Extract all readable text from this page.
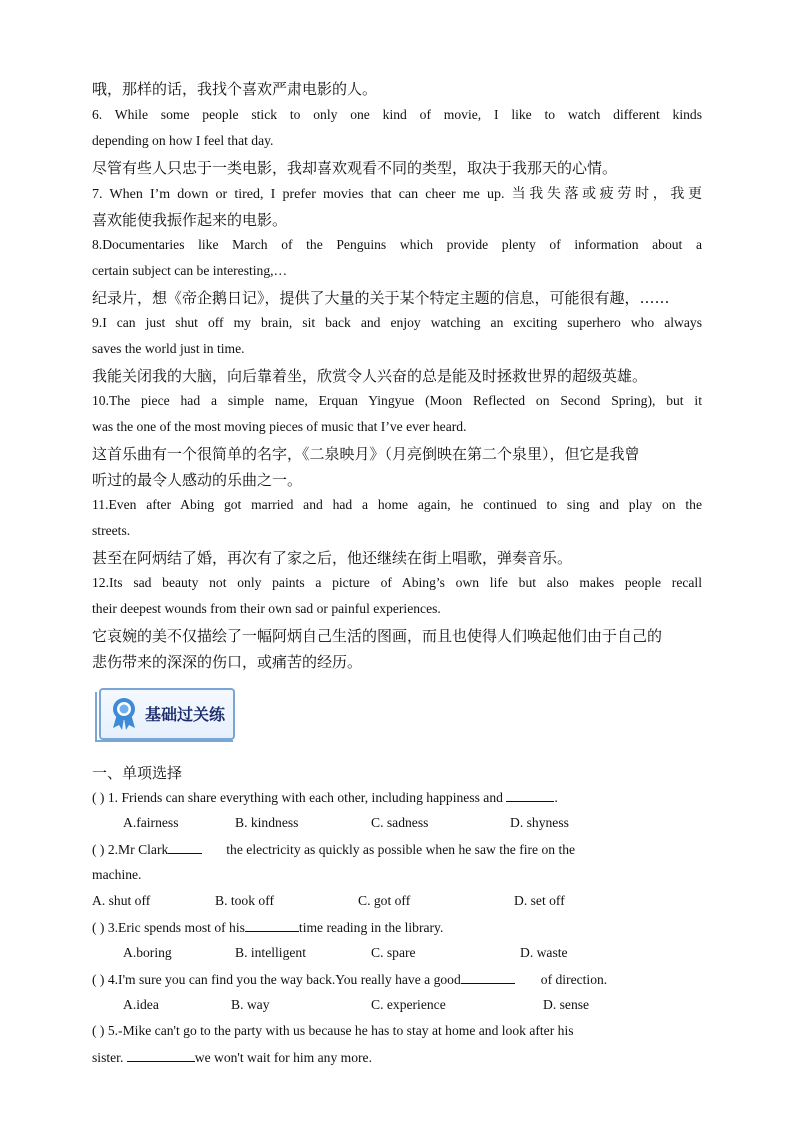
哦，那样的话，我找个喜欢严肃电影的人。
6. While some people stick to only one kind of movie, I like to watch different kinds
depending on how I feel that day.
尽管有些人只忠于一类电影，我却喜欢观看不同的类型，取决于我那天的心情。
7. When I’m down or tired, I prefer movies that can cheer me up. 当我失落或疲劳时，我更
喜欢能使我振作起来的电影。
8.Documentaries like March of the Penguins which provide plenty of information about a
certain subject can be interesting,…
纪录片，想《帝企鹅日记》，提供了大量的关于某个特定主题的信息，可能很有趣，……
9.I can just shut off my brain, sit back and enjoy watching an exciting superhero who always
saves the world just in time.
我能关闭我的大脑，向后靠着坐，欣赏令人兴奋的总是能及时拯救世界的超级英雄。
10.The piece had a simple name, Erquan Yingyue (Moon Reflected on Second Spring), but it
was the one of the most moving pieces of music that I’ve ever heard.
这首乐曲有一个很简单的名字，《二泉映月》（月亮倒映在第二个泉里），但它是我曾
听过的最令人感动的乐曲之一。
11.Even after Abing got married and had a home again, he continued to sing and play on the
streets.
甚至在阿炳结了婚，再次有了家之后，他还继续在街上唱歌，弹奏音乐。
12.Its sad beauty not only paints a picture of Abing’s own life but also makes people recall
their deepest wounds from their own sad or painful experiences.
它哀婉的美不仅描绘了一幅阿炳自己生活的图画，而且也使得人们唤起他们由于自己的
悲伤带来的深深的伤口，或痛苦的经历。
基础过关练
一、单项选择
( ) 1. Friends can share everything with each other, including happiness and	.
A.fairness	B. kindness	C. sadness	D. shyness
( ) 2.Mr Clark	the electricity as quickly as possible when he saw the fire on the
machine.
A. shut off	B. took off	C. got off	D. set off
( ) 3.Eric spends most of his	time reading in the library.
A.boring	B. intelligent	C. spare	D. waste
( ) 4.I'm sure you can find you the way back.You really have a good	of direction.
A.idea	B. way	C. experience	D. sense
( ) 5.-Mike can't go to the party with us because he has to stay at home and look after his
sister.	we won't wait for him any more.
